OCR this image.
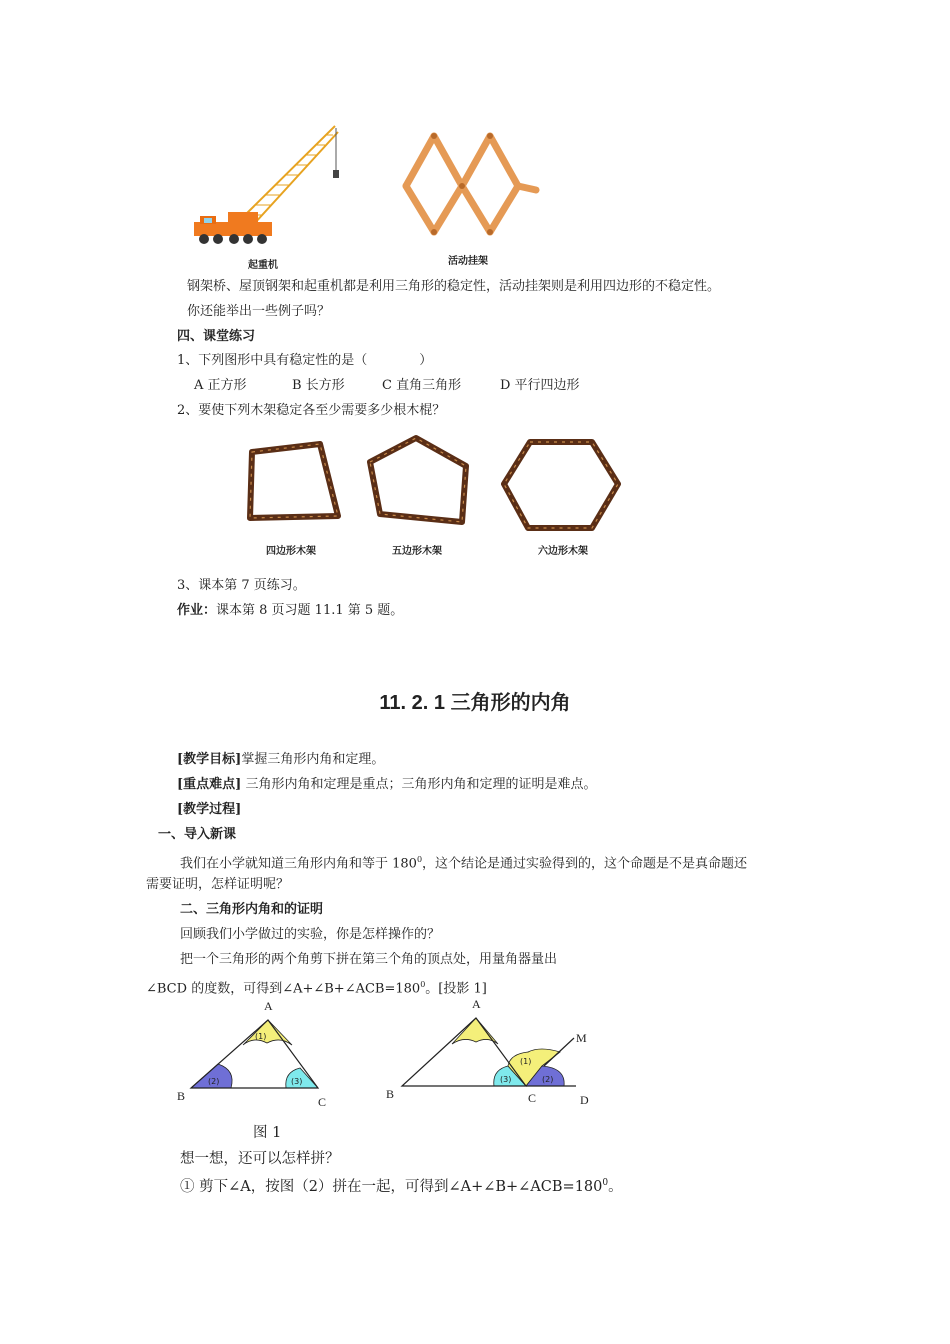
起重机	活动挂架
钢架桥、屋顶钢架和起重机都是利用三角形的稳定性，活动挂架则是利用四边形的不稳定性。
你还能举出一些例子吗？
四、课堂练习
1、下列图形中具有稳定性的是（　　　　）
A 正方形	B 长方形	C 直角三角形	D 平行四边形
2、要使下列木架稳定各至少需要多少根木棍？
四边形木架	五边形木架	六边形木架
3、课本第 7 页练习。
作业：课本第 8 页习题 11.1 第 5 题。
11. 2. 1 三角形的内角
[教学目标]掌握三角形内角和定理。
[重点难点] 三角形内角和定理是重点；三角形内角和定理的证明是难点。
[教学过程]
一、导入新课
我们在小学就知道三角形内角和等于 $180^0$，这个结论是通过实验得到的，这个命题是不是真命题还
需要证明，怎样证明呢？
二、三角形内角和的证明
回顾我们小学做过的实验，你是怎样操作的？
把一个三角形的两个角剪下拼在第三个角的顶点处，用量角器量出
∠BCD 的度数，可得到$\angle A+\angle B+\angle ACB=180^0$。[投影 1]
A
B	C
(1)
(2)	(3)
A
B	C	D
M
(1)
(3)	(2)
图 1
想一想，还可以怎样拼？
① 剪下∠A，按图（2）拼在一起，可得到$\angle A+\angle B+\angle ACB=180^0$。
